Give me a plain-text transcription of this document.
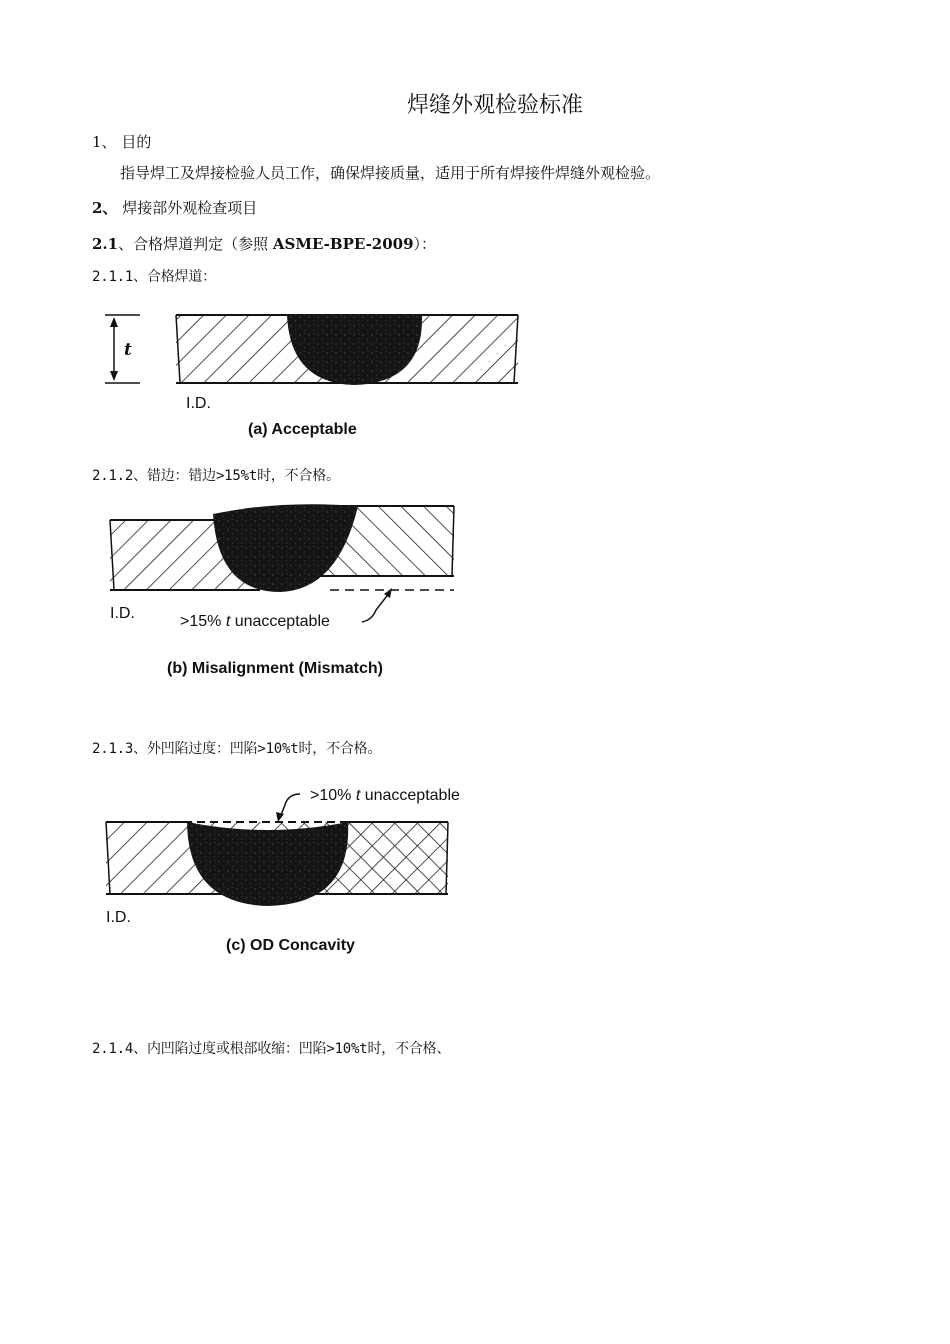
焊缝外观检验标准
1、 目的
指导焊工及焊接检验人员工作，确保焊接质量，适用于所有焊接件焊缝外观检验。
2、 焊接部外观检查项目
2.1、合格焊道判定（参照 ASME-BPE-2009）：
2.1.1、合格焊道：
t
I.D.
(a) Acceptable
2.1.2、错边：错边>15%t时，不合格。
I.D.	>15% t unacceptable
(b) Misalignment (Mismatch)
2.1.3、外凹陷过度：凹陷>10%t时，不合格。
>10% t unacceptable
I.D.
(c) OD Concavity
2.1.4、内凹陷过度或根部收缩：凹陷>10%t时，不合格、
